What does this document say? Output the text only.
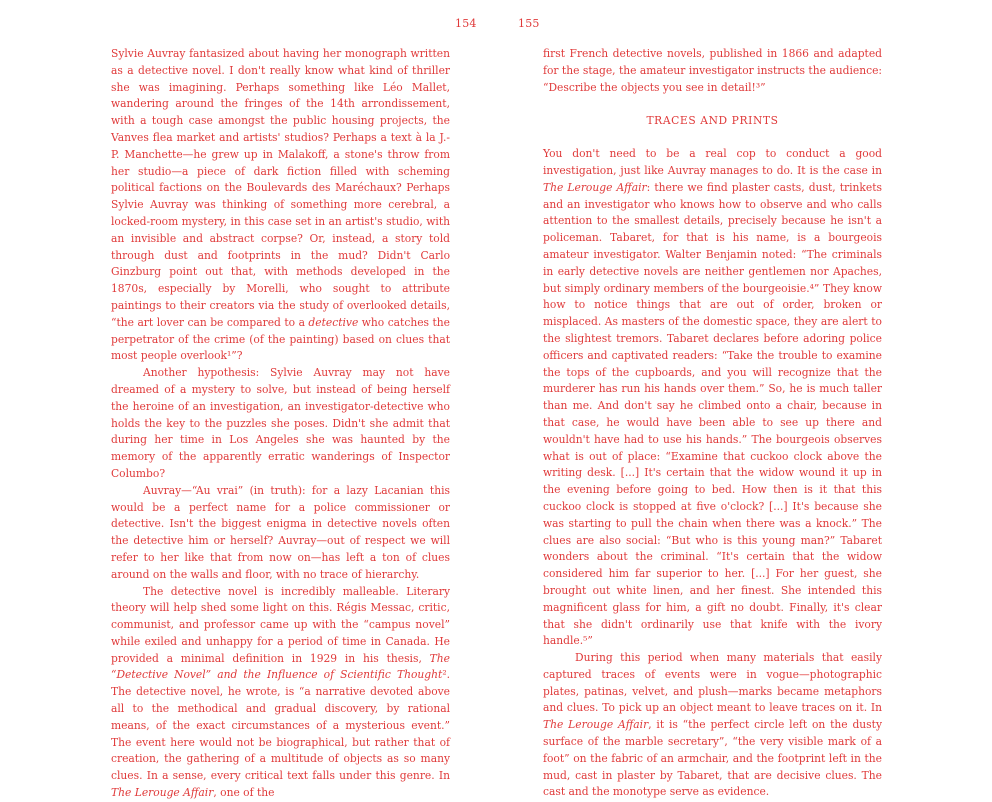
154	155

Sylvie Auvray fantasized about having her monograph written as a detective novel. I don't really know what kind of thriller she was imagining. Perhaps something like Léo Mallet, wandering around the fringes of the 14th arrondissement, with a tough case amongst the public housing projects, the Vanves flea market and artists' studios? Perhaps a text à la J.-P. Manchette—he grew up in Malakoff, a stone's throw from her studio—a piece of dark fiction filled with scheming political factions on the Boulevards des Maréchaux? Perhaps Sylvie Auvray was thinking of something more cerebral, a locked-room mystery, in this case set in an artist's studio, with an invisible and abstract corpse? Or, instead, a story told through dust and footprints in the mud? Didn't Carlo Ginzburg point out that, with methods developed in the 1870s, especially by Morelli, who sought to attribute paintings to their creators via the study of overlooked details, “the art lover can be compared to a detective who catches the perpetrator of the crime (of the painting) based on clues that most people overlook¹”?

Another hypothesis: Sylvie Auvray may not have dreamed of a mystery to solve, but instead of being herself the heroine of an investigation, an investigator-detective who holds the key to the puzzles she poses. Didn't she admit that during her time in Los Angeles she was haunted by the memory of the apparently erratic wanderings of Inspector Columbo?

Auvray—“Au vrai” (in truth): for a lazy Lacanian this would be a perfect name for a police commissioner or detective. Isn't the biggest enigma in detective novels often the detective him or herself? Auvray—out of respect we will refer to her like that from now on—has left a ton of clues around on the walls and floor, with no trace of hierarchy.

The detective novel is incredibly malleable. Literary theory will help shed some light on this. Régis Messac, critic, communist, and professor came up with the “campus novel” while exiled and unhappy for a period of time in Canada. He provided a minimal definition in 1929 in his thesis, The “Detective Novel” and the Influence of Scientific Thought². The detective novel, he wrote, is “a narrative devoted above all to the methodical and gradual discovery, by rational means, of the exact circumstances of a mysterious event.” The event here would not be biographical, but rather that of creation, the gathering of a multitude of objects as so many clues. In a sense, every critical text falls under this genre. In The Lerouge Affair, one of the

first French detective novels, published in 1866 and adapted for the stage, the amateur investigator instructs the audience: “Describe the objects you see in detail!³”

TRACES AND PRINTS

You don't need to be a real cop to conduct a good investigation, just like Auvray manages to do. It is the case in The Lerouge Affair: there we find plaster casts, dust, trinkets and an investigator who knows how to observe and who calls attention to the smallest details, precisely because he isn't a policeman. Tabaret, for that is his name, is a bourgeois amateur investigator. Walter Benjamin noted: “The criminals in early detective novels are neither gentlemen nor Apaches, but simply ordinary members of the bourgeoisie.⁴” They know how to notice things that are out of order, broken or misplaced. As masters of the domestic space, they are alert to the slightest tremors. Tabaret declares before adoring police officers and captivated readers: “Take the trouble to examine the tops of the cupboards, and you will recognize that the murderer has run his hands over them.” So, he is much taller than me. And don't say he climbed onto a chair, because in that case, he would have been able to see up there and wouldn't have had to use his hands.” The bourgeois observes what is out of place: “Examine that cuckoo clock above the writing desk. [...] It's certain that the widow wound it up in the evening before going to bed. How then is it that this cuckoo clock is stopped at five o'clock? [...] It's because she was starting to pull the chain when there was a knock.” The clues are also social: “But who is this young man?” Tabaret wonders about the criminal. “It's certain that the widow considered him far superior to her. [...] For her guest, she brought out white linen, and her finest. She intended this magnificent glass for him, a gift no doubt. Finally, it's clear that she didn't ordinarily use that knife with the ivory handle.⁵”

During this period when many materials that easily captured traces of events were in vogue—photographic plates, patinas, velvet, and plush—marks became metaphors and clues. To pick up an object meant to leave traces on it. In The Lerouge Affair, it is “the perfect circle left on the dusty surface of the marble secretary”, “the very visible mark of a foot” on the fabric of an armchair, and the footprint left in the mud, cast in plaster by Tabaret, that are decisive clues. The cast and the monotype serve as evidence.
